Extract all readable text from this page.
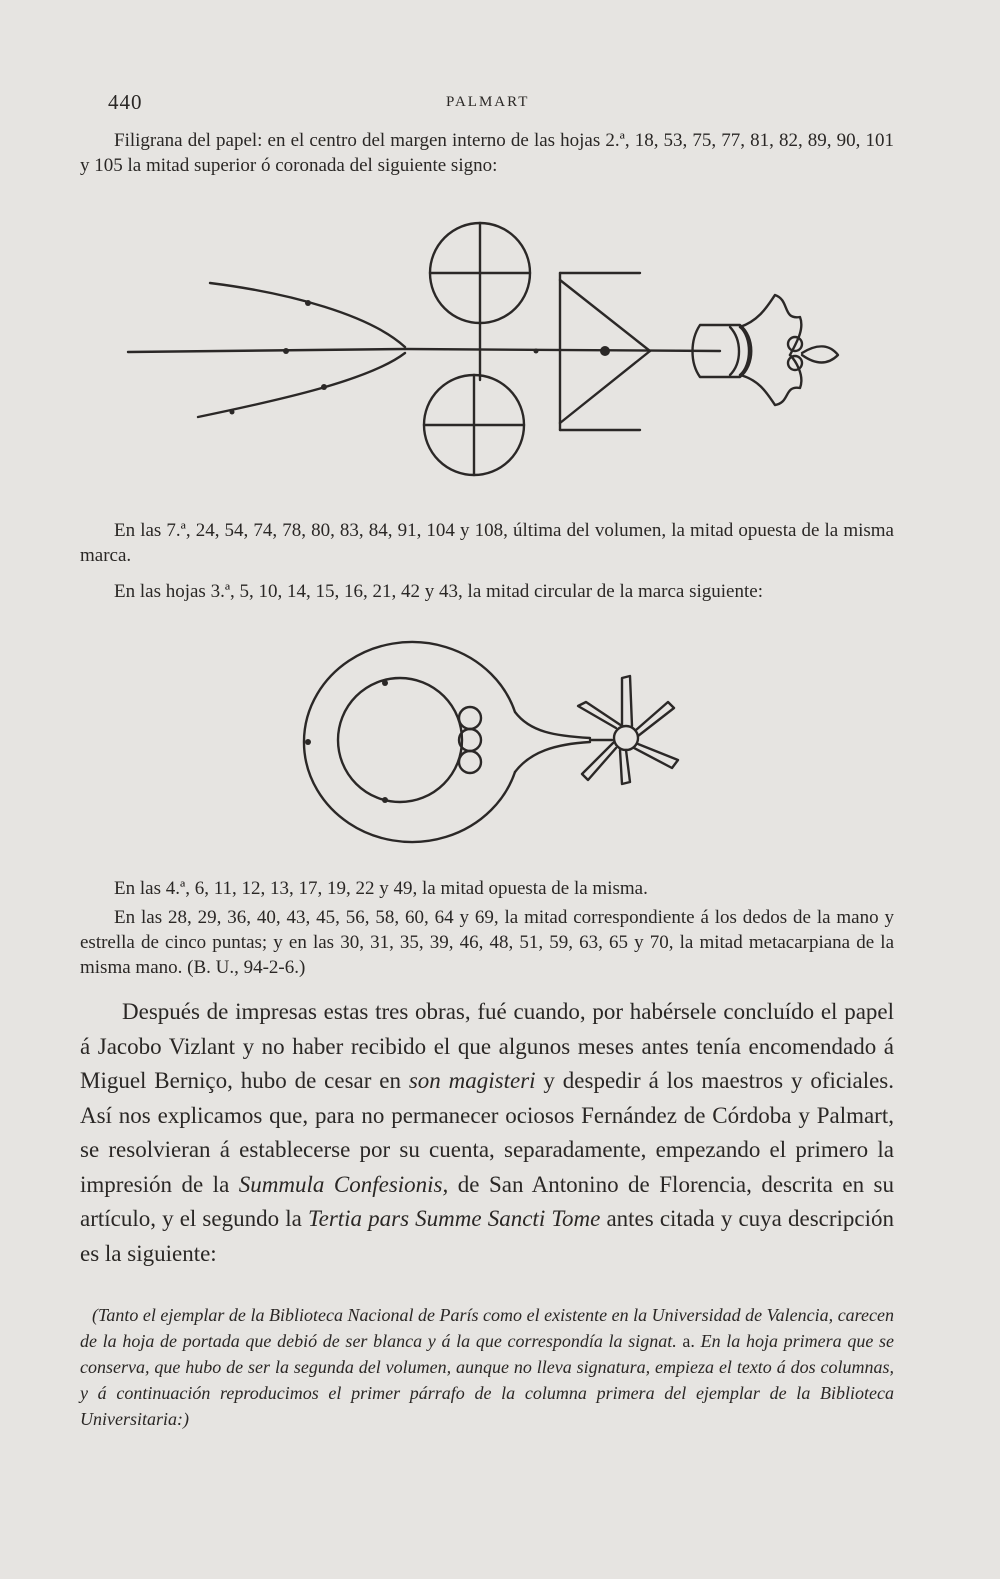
440	PALMART

Filigrana del papel: en el centro del margen interno de las hojas 2.ª, 18, 53, 75, 77, 81, 82, 89, 90, 101 y 105 la mitad superior ó coronada del siguiente signo:

En las 7.ª, 24, 54, 74, 78, 80, 83, 84, 91, 104 y 108, última del volumen, la mitad opuesta de la misma marca.

En las hojas 3.ª, 5, 10, 14, 15, 16, 21, 42 y 43, la mitad circular de la marca siguiente:

En las 4.ª, 6, 11, 12, 13, 17, 19, 22 y 49, la mitad opuesta de la misma.

En las 28, 29, 36, 40, 43, 45, 56, 58, 60, 64 y 69, la mitad correspondiente á los dedos de la mano y estrella de cinco puntas; y en las 30, 31, 35, 39, 46, 48, 51, 59, 63, 65 y 70, la mitad metacarpiana de la misma mano. (B. U., 94-2-6.)

Después de impresas estas tres obras, fué cuando, por habérsele concluído el papel á Jacobo Vizlant y no haber recibido el que algunos meses antes tenía encomendado á Miguel Berniço, hubo de cesar en son magisteri y despedir á los maestros y oficiales. Así nos explicamos que, para no permanecer ociosos Fernández de Córdoba y Palmart, se resolvieran á establecerse por su cuenta, separadamente, empezando el primero la impresión de la Summula Confesionis, de San Antonino de Florencia, descrita en su artículo, y el segundo la Tertia pars Summe Sancti Tome antes citada y cuya descripción es la siguiente:

(Tanto el ejemplar de la Biblioteca Nacional de París como el existente en la Universidad de Valencia, carecen de la hoja de portada que debió de ser blanca y á la que correspondía la signat. a. En la hoja primera que se conserva, que hubo de ser la segunda del volumen, aunque no lleva signatura, empieza el texto á dos columnas, y á continuación reproducimos el primer párrafo de la columna primera del ejemplar de la Biblioteca Universitaria:)
